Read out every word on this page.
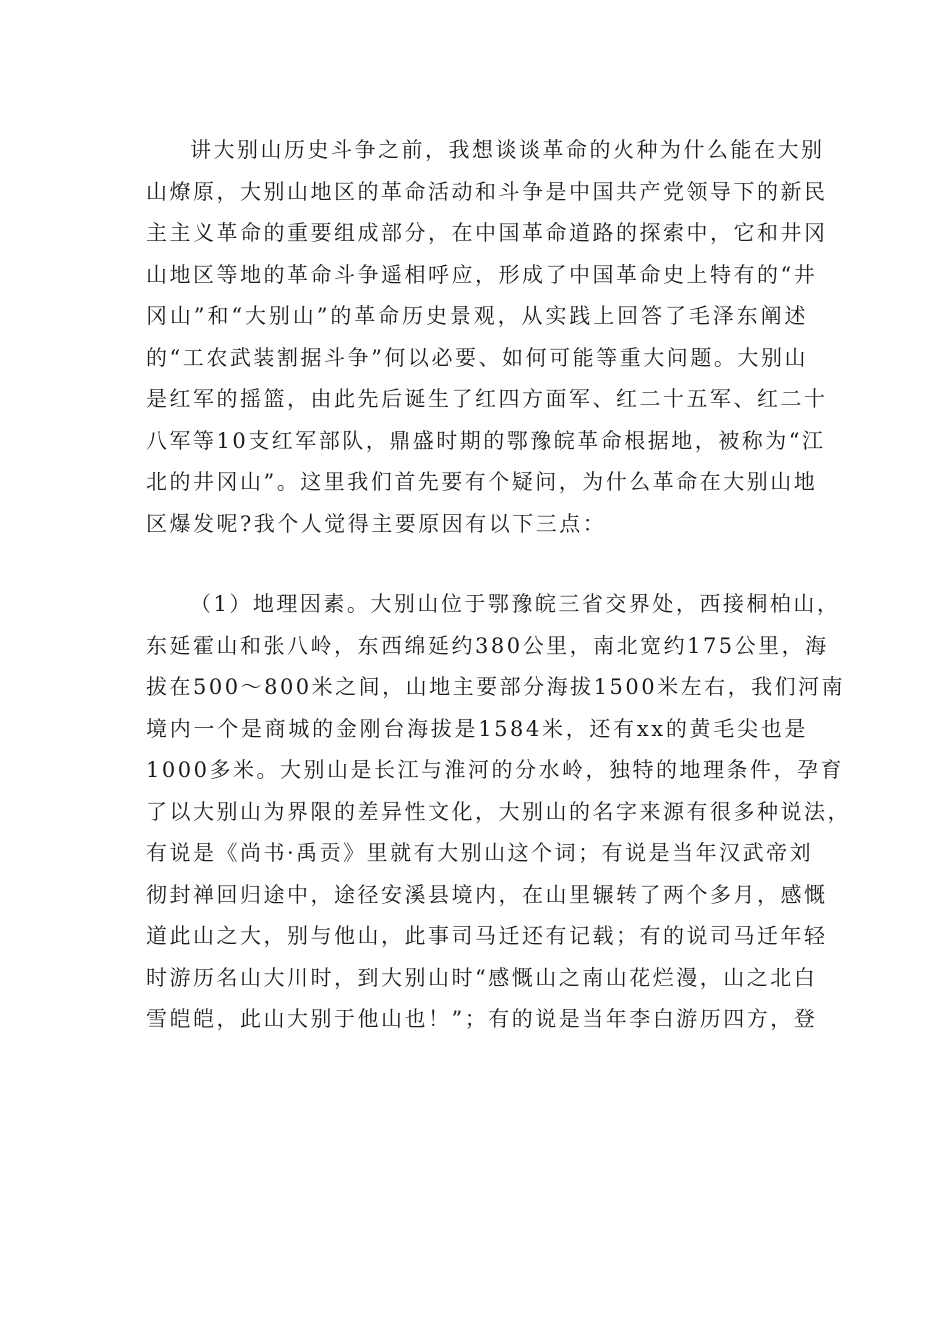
讲大别山历史斗争之前，我想谈谈革命的火种为什么能在大别
山燎原，大别山地区的革命活动和斗争是中国共产党领导下的新民
主主义革命的重要组成部分，在中国革命道路的探索中，它和井冈
山地区等地的革命斗争遥相呼应，形成了中国革命史上特有的“井
冈山”和“大别山”的革命历史景观，从实践上回答了毛泽东阐述
的“工农武装割据斗争”何以必要、如何可能等重大问题。大别山
是红军的摇篮，由此先后诞生了红四方面军、红二十五军、红二十
八军等10支红军部队，鼎盛时期的鄂豫皖革命根据地，被称为“江
北的井冈山”。这里我们首先要有个疑问，为什么革命在大别山地
区爆发呢?我个人觉得主要原因有以下三点：
（1）地理因素。大别山位于鄂豫皖三省交界处，西接桐柏山，
东延霍山和张八岭，东西绵延约380公里，南北宽约175公里，海
拔在500～800米之间，山地主要部分海拔1500米左右，我们河南
境内一个是商城的金刚台海拔是1584米，还有xx的黄毛尖也是
1000多米。大别山是长江与淮河的分水岭，独特的地理条件，孕育
了以大别山为界限的差异性文化，大别山的名字来源有很多种说法，
有说是《尚书·禹贡》里就有大别山这个词；有说是当年汉武帝刘
彻封禅回归途中，途径安溪县境内，在山里辗转了两个多月，感慨
道此山之大，别与他山，此事司马迁还有记载；有的说司马迁年轻
时游历名山大川时，到大别山时“感慨山之南山花烂漫，山之北白
雪皑皑，此山大别于他山也！”；有的说是当年李白游历四方，登
